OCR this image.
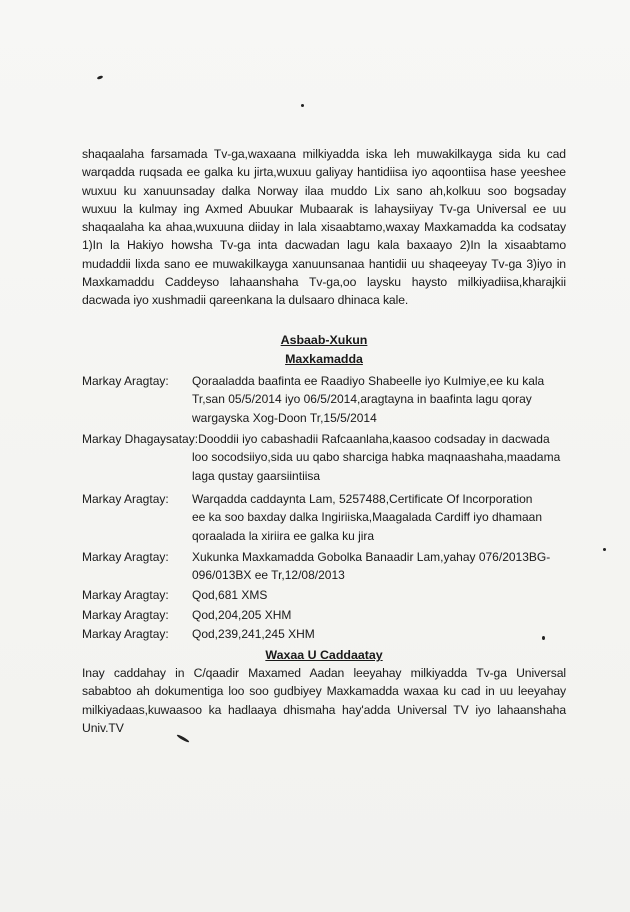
shaqaalaha farsamada Tv-ga,waxaana milkiyadda iska leh muwakilkayga sida ku cad
warqadda ruqsada ee galka ku jirta,wuxuu galiyay hantidiisa iyo aqoontiisa hase yeeshee
wuxuu ku xanuunsaday dalka Norway ilaa muddo Lix sano ah,kolkuu soo bogsaday
wuxuu la kulmay ing Axmed Abuukar Mubaarak is lahaysiiyay Tv-ga Universal ee uu
shaqaalaha ka ahaa,wuxuuna diiday in lala xisaabtamo,waxay Maxkamadda ka codsatay
1)In la Hakiyo howsha Tv-ga inta dacwadan lagu kala baxaayo 2)In la xisaabtamo
mudaddii lixda sano ee muwakilkayga xanuunsanaa hantidii uu shaqeeyay Tv-ga 3)iyo in
Maxkamaddu Caddeyso lahaanshaha Tv-ga,oo laysku haysto milkiyadiisa,kharajkii
dacwada iyo xushmadii qareenkana la dulsaaro dhinaca kale.
Asbaab-Xukun
Maxkamadda
Markay Aragtay: Qoraaladda baafinta ee Raadiyo Shabeelle iyo Kulmiye,ee ku kala
Tr,san 05/5/2014 iyo 06/5/2014,aragtayna in baafinta lagu qoray
wargayska Xog-Doon Tr,15/5/2014
Markay Dhagaysatay:Dooddii iyo cabashadii Rafcaanlaha,kaasoo codsaday in dacwada
loo socodsiiyo,sida uu qabo sharciga habka maqnaashaha,maadama
laga qustay gaarsiintiisa
Markay Aragtay: Warqadda caddaynta Lam, 5257488,Certificate Of Incorporation
ee ka soo baxday dalka Ingiriiska,Maagalada Cardiff iyo dhamaan
qoraalada la xiriira ee galka ku jira
Markay Aragtay: Xukunka Maxkamadda Gobolka Banaadir Lam,yahay 076/2013BG-
096/013BX ee Tr,12/08/2013
Markay Aragtay: Qod,681 XMS
Markay Aragtay: Qod,204,205 XHM
Markay Aragtay: Qod,239,241,245 XHM
Waxaa U Caddaatay
Inay caddahay in C/qaadir Maxamed Aadan leeyahay milkiyadda Tv-ga Universal
sababtoo ah dokumentiga loo soo gudbiyey Maxkamadda waxaa ku cad in uu leeyahay
milkiyadaas,kuwaasoo ka hadlaaya dhismaha hay'adda Universal TV iyo lahaanshaha
Univ.TV
